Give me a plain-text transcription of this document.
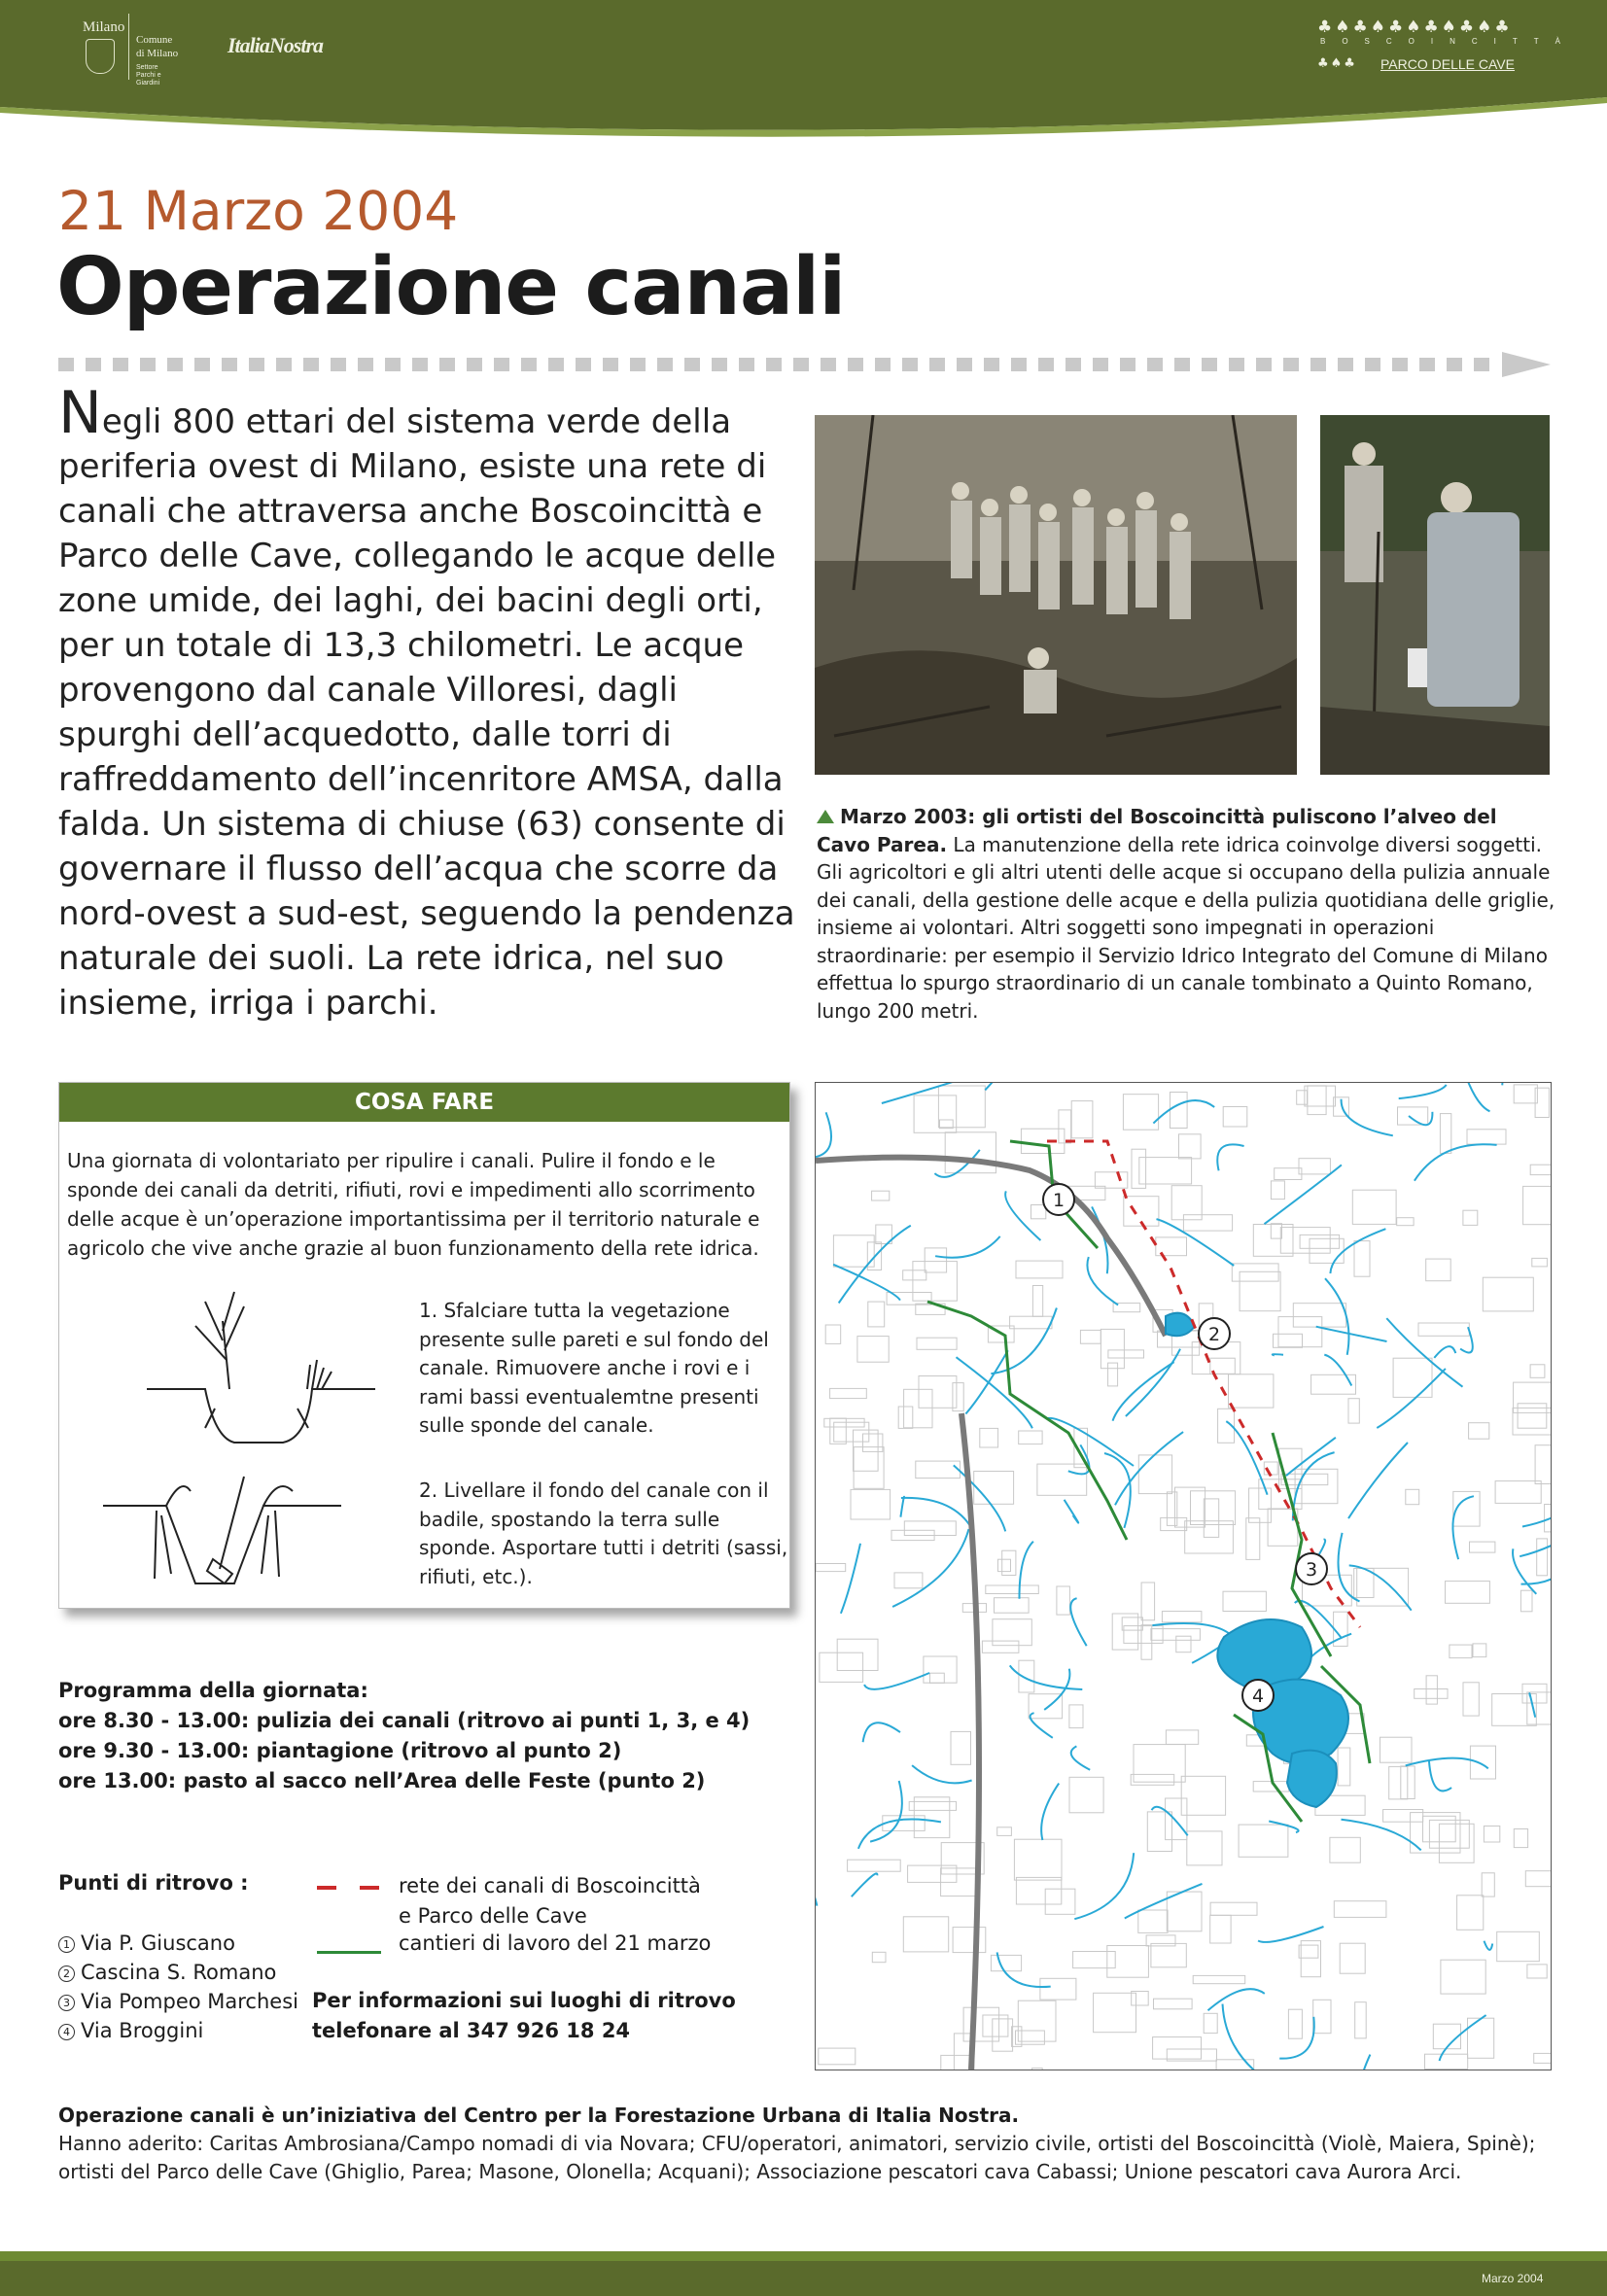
Milano
Comune
di Milano
Settore Parchi e Giardini
ItaliaNostra
♣♠♣♠♣♠♣♠♣♠♣
BOSCOINCITTÀ
♣♠♣ PARCO DELLE CAVE
21 Marzo 2004
Operazione canali
Negli 800 ettari del sistema verde della periferia ovest di Milano, esiste una rete di canali che attraversa anche Boscoincittà e Parco delle Cave, collegando le acque delle zone umide, dei laghi, dei bacini degli orti, per un totale di 13,3 chilometri. Le acque provengono dal canale Villoresi, dagli spurghi dell’acquedotto, dalle torri di raffreddamento dell’incenritore AMSA, dalla falda. Un sistema di chiuse (63) consente di governare il flusso dell’acqua che scorre da nord-ovest a sud-est, seguendo la pendenza naturale dei suoli. La rete idrica, nel suo insieme, irriga i parchi.
Marzo 2003: gli ortisti del Boscoincittà puliscono l’alveo del Cavo Parea. La manutenzione della rete idrica coinvolge diversi soggetti. Gli agricoltori e gli altri utenti delle acque si occupano della pulizia annuale dei canali, della gestione delle acque e della pulizia quotidiana delle griglie, insieme ai volontari. Altri soggetti sono impegnati in operazioni straordinarie: per esempio il Servizio Idrico Integrato del Comune di Milano effettua lo spurgo straordinario di un canale tombinato a Quinto Romano, lungo 200 metri.
COSA FARE
Una giornata di volontariato per ripulire i canali. Pulire il fondo e le sponde dei canali da detriti, rifiuti, rovi e impedimenti allo scorrimento delle acque è un’operazione importantissima per il territorio naturale e agricolo che vive anche grazie al buon funzionamento della rete idrica.
1. Sfalciare tutta la vegetazione presente sulle pareti e sul fondo del canale. Rimuovere anche i rovi e i rami bassi eventualemtne presenti sulle sponde del canale.
2. Livellare il fondo del canale con il badile, spostando la terra sulle sponde. Asportare tutti i detriti (sassi, rifiuti, etc.).
1
2
3
4
Programma della giornata:
ore 8.30 - 13.00: pulizia dei canali (ritrovo ai punti 1, 3, e 4)
ore 9.30 - 13.00: piantagione (ritrovo al punto 2)
ore 13.00: pasto al sacco nell’Area delle Feste (punto 2)
Punti di ritrovo :
1 Via P. Giuscano
2 Cascina S. Romano
3 Via Pompeo Marchesi
4 Via Broggini
rete dei canali di Boscoincittà
e Parco delle Cave
cantieri di lavoro del 21 marzo
Per informazioni sui luoghi di ritrovo
telefonare al 347 926 18 24
Operazione canali è un’iniziativa del Centro per la Forestazione Urbana di Italia Nostra.
Hanno aderito: Caritas Ambrosiana/Campo nomadi di via Novara; CFU/operatori, animatori, servizio civile, ortisti del Boscoincittà (Violè, Maiera, Spinè); ortisti del Parco delle Cave (Ghiglio, Parea; Masone, Olonella; Acquani); Associazione pescatori cava Cabassi; Unione pescatori cava Aurora Arci.
Marzo 2004
